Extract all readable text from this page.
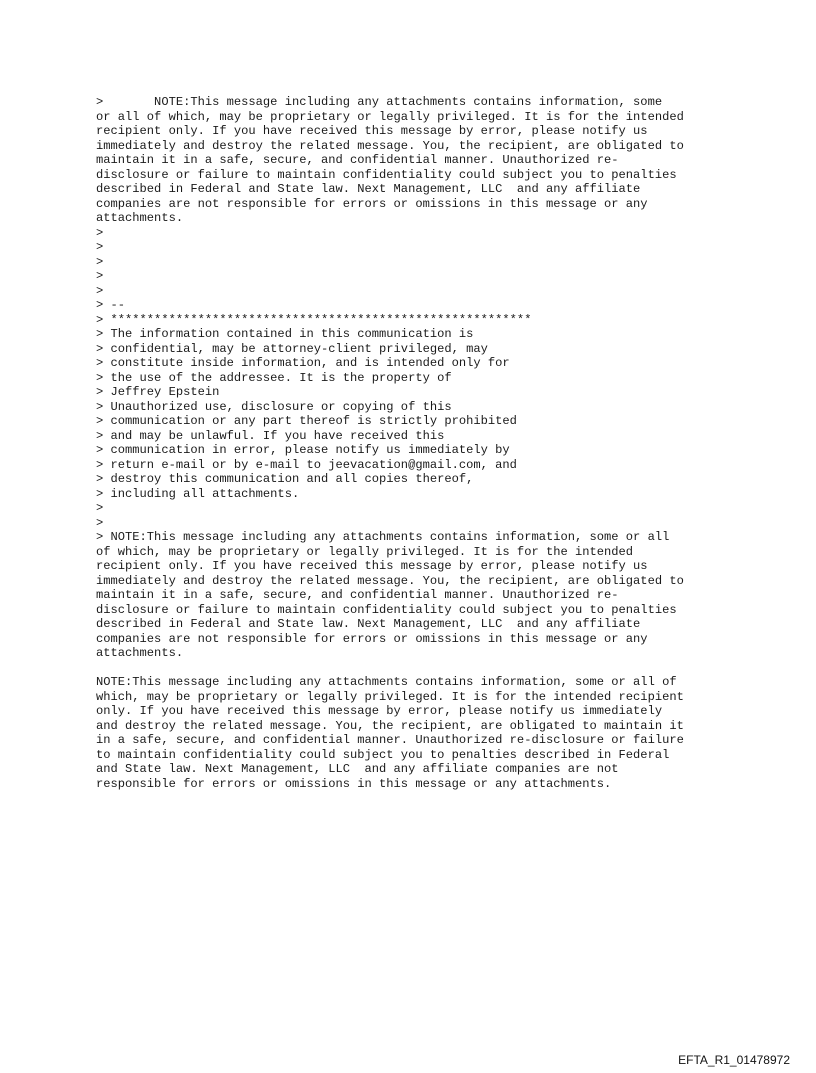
>       NOTE:This message including any attachments contains information, some
or all of which, may be proprietary or legally privileged. It is for the intended
recipient only. If you have received this message by error, please notify us
immediately and destroy the related message. You, the recipient, are obligated to
maintain it in a safe, secure, and confidential manner. Unauthorized re-
disclosure or failure to maintain confidentiality could subject you to penalties
described in Federal and State law. Next Management, LLC  and any affiliate
companies are not responsible for errors or omissions in this message or any
attachments.
>
>
>
>
>
> --
> **********************************************************
> The information contained in this communication is
> confidential, may be attorney-client privileged, may
> constitute inside information, and is intended only for
> the use of the addressee. It is the property of
> Jeffrey Epstein
> Unauthorized use, disclosure or copying of this
> communication or any part thereof is strictly prohibited
> and may be unlawful. If you have received this
> communication in error, please notify us immediately by
> return e-mail or by e-mail to jeevacation@gmail.com, and
> destroy this communication and all copies thereof,
> including all attachments.
>
>
> NOTE:This message including any attachments contains information, some or all
of which, may be proprietary or legally privileged. It is for the intended
recipient only. If you have received this message by error, please notify us
immediately and destroy the related message. You, the recipient, are obligated to
maintain it in a safe, secure, and confidential manner. Unauthorized re-
disclosure or failure to maintain confidentiality could subject you to penalties
described in Federal and State law. Next Management, LLC  and any affiliate
companies are not responsible for errors or omissions in this message or any
attachments.
NOTE:This message including any attachments contains information, some or all of
which, may be proprietary or legally privileged. It is for the intended recipient
only. If you have received this message by error, please notify us immediately
and destroy the related message. You, the recipient, are obligated to maintain it
in a safe, secure, and confidential manner. Unauthorized re-disclosure or failure
to maintain confidentiality could subject you to penalties described in Federal
and State law. Next Management, LLC  and any affiliate companies are not
responsible for errors or omissions in this message or any attachments.
EFTA_R1_01478972
